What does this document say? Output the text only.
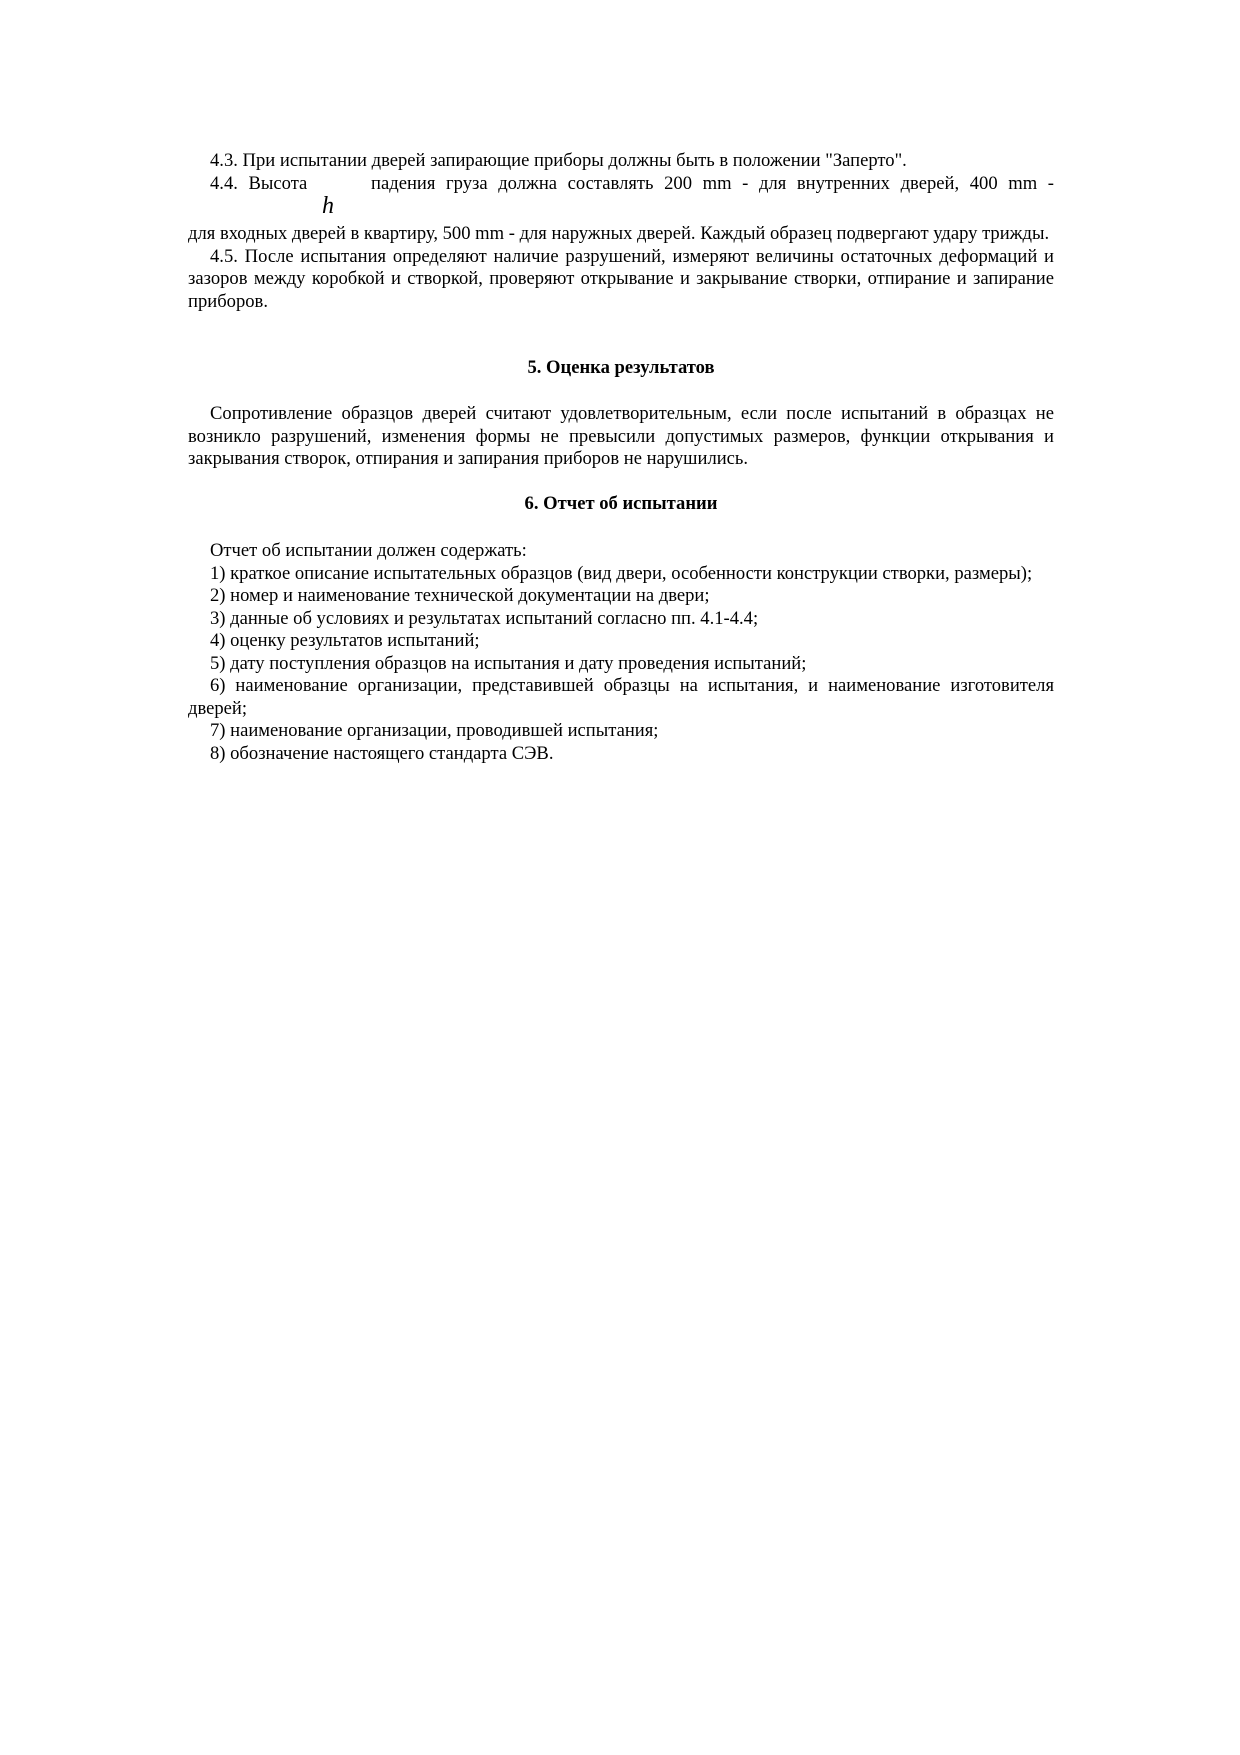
4.3. При испытании дверей запирающие приборы должны быть в положении "Заперто".

4.4. Высота      падения груза должна составлять 200 mm - для внутренних дверей, 400 mm -

h

для входных дверей в квартиру, 500 mm - для наружных дверей. Каждый образец подвергают удару трижды.

4.5. После испытания определяют наличие разрушений, измеряют величины остаточных деформаций и зазоров между коробкой и створкой, проверяют открывание и закрывание створки, отпирание и запирание приборов.

5. Оценка результатов

Сопротивление образцов дверей считают удовлетворительным, если после испытаний в образцах не возникло разрушений, изменения формы не превысили допустимых размеров, функции открывания и закрывания створок, отпирания и запирания приборов не нарушились.

6. Отчет об испытании

Отчет об испытании должен содержать:

1) краткое описание испытательных образцов (вид двери, особенности конструкции створки, размеры);

2) номер и наименование технической документации на двери;

3) данные об условиях и результатах испытаний согласно пп. 4.1-4.4;

4) оценку результатов испытаний;

5) дату поступления образцов на испытания и дату проведения испытаний;

6) наименование организации, представившей образцы на испытания, и наименование изготовителя дверей;

7) наименование организации, проводившей испытания;

8) обозначение настоящего стандарта СЭВ.
